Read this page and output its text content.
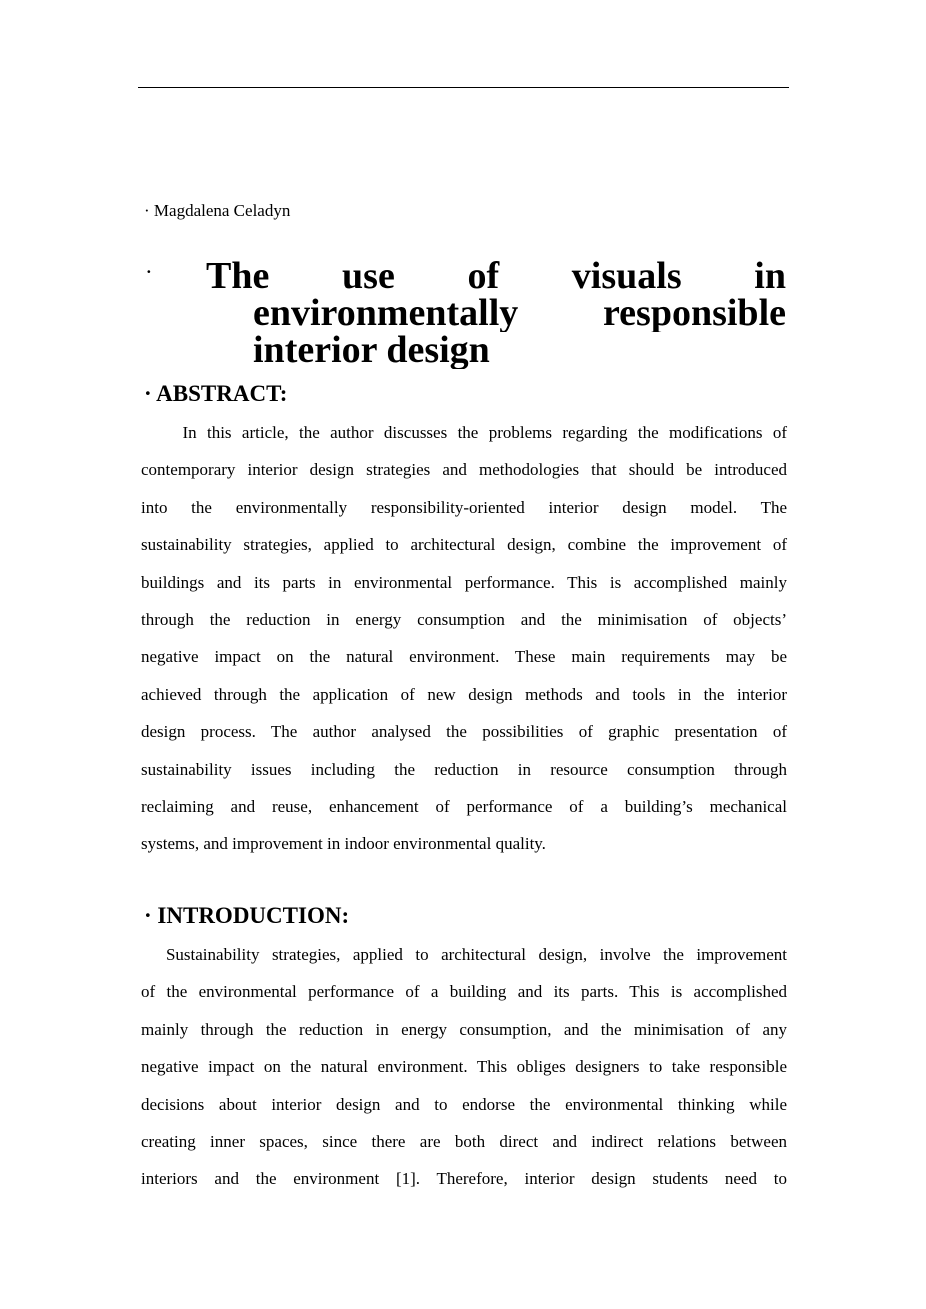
· Magdalena Celadyn
· The use of visuals in
environmentally responsible
interior design
· ABSTRACT:
In this article, the author discusses the problems regarding the modifications of
contemporary interior design strategies and methodologies that should be introduced
into the environmentally responsibility-oriented interior design model. The
sustainability strategies, applied to architectural design, combine the improvement of
buildings and its parts in environmental performance. This is accomplished mainly
through the reduction in energy consumption and the minimisation of objects’
negative impact on the natural environment. These main requirements may be
achieved through the application of new design methods and tools in the interior
design process. The author analysed the possibilities of graphic presentation of
sustainability issues including the reduction in resource consumption through
reclaiming and reuse, enhancement of performance of a building’s mechanical
systems, and improvement in indoor environmental quality.
· INTRODUCTION:
Sustainability strategies, applied to architectural design, involve the improvement
of the environmental performance of a building and its parts. This is accomplished
mainly through the reduction in energy consumption, and the minimisation of any
negative impact on the natural environment. This obliges designers to take responsible
decisions about interior design and to endorse the environmental thinking while
creating inner spaces, since there are both direct and indirect relations between
interiors and the environment [1]. Therefore, interior design students need to
